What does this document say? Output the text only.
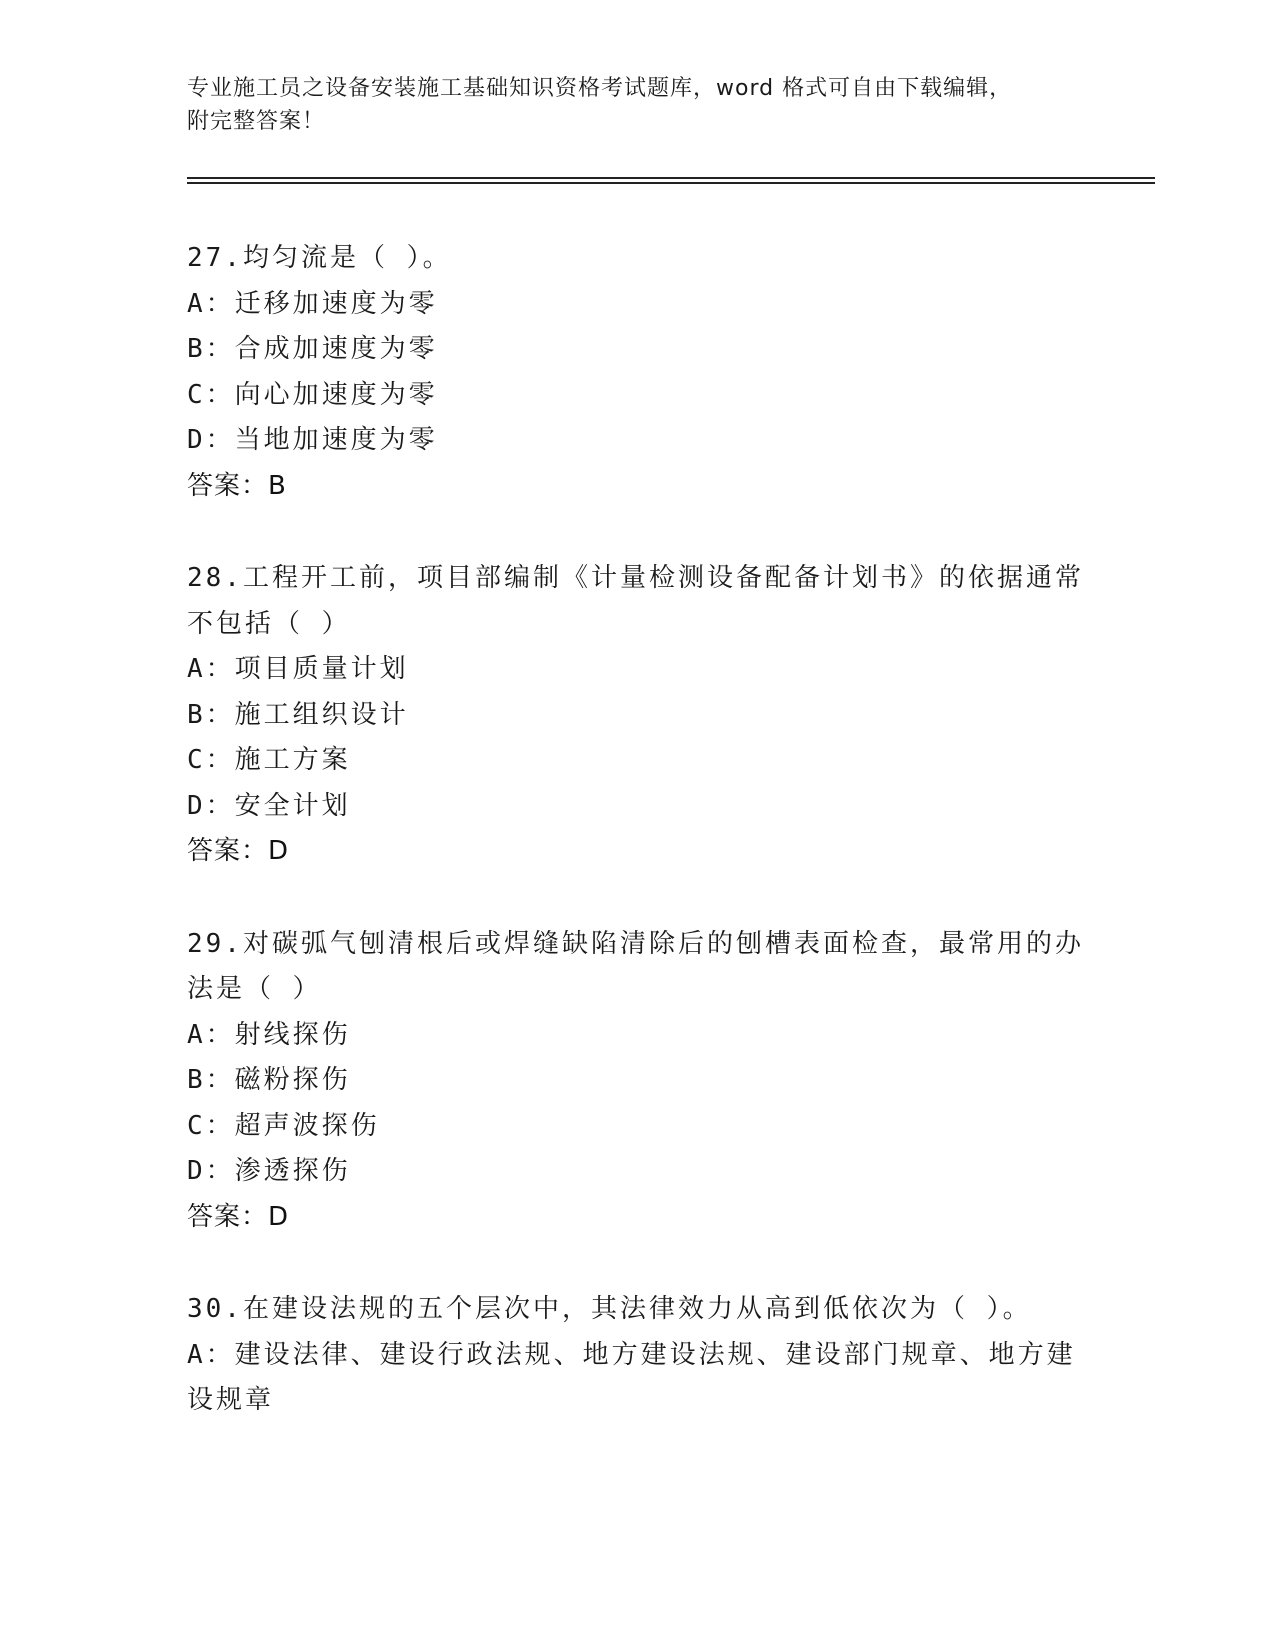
专业施工员之设备安装施工基础知识资格考试题库，word 格式可自由下载编辑，
附完整答案！
27.均匀流是（ ）。
A：迁移加速度为零
B：合成加速度为零
C：向心加速度为零
D：当地加速度为零
答案：B
28.工程开工前，项目部编制《计量检测设备配备计划书》的依据通常
不包括（ ）
A：项目质量计划
B：施工组织设计
C：施工方案
D：安全计划
答案：D
29.对碳弧气刨清根后或焊缝缺陷清除后的刨槽表面检查，最常用的办
法是（ ）
A：射线探伤
B：磁粉探伤
C：超声波探伤
D：渗透探伤
答案：D
30.在建设法规的五个层次中，其法律效力从高到低依次为（ ）。
A：建设法律、建设行政法规、地方建设法规、建设部门规章、地方建
设规章
